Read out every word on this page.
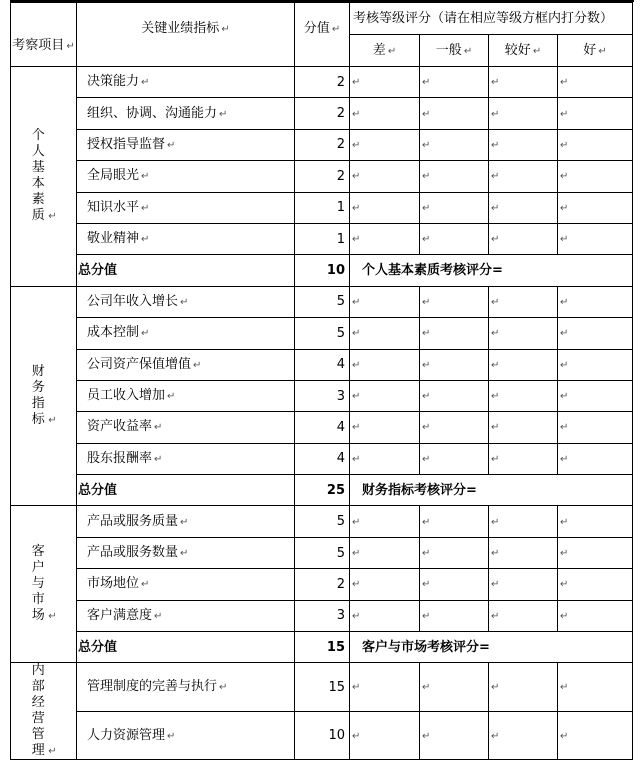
考察项目 ↵	关键业绩指标 ↵	分值 ↵	考核等级评分（请在相应等级方框内打分数）			
			差 ↵	一般 ↵	较好 ↵	好 ↵
个人基本素质 ↵	决策能力 ↵	2	↵	↵	↵	↵
	组织、协调、沟通能力 ↵	2	↵	↵	↵	↵
	授权指导监督 ↵	2	↵	↵	↵	↵
	全局眼光 ↵	2	↵	↵	↵	↵
	知识水平 ↵	1	↵	↵	↵	↵
	敬业精神 ↵	1	↵	↵	↵	↵
	总分值	10	个人基本素质考核评分=			
财务指标 ↵	公司年收入增长 ↵	5	↵	↵	↵	↵
	成本控制 ↵	5	↵	↵	↵	↵
	公司资产保值增值 ↵	4	↵	↵	↵	↵
	员工收入增加 ↵	3	↵	↵	↵	↵
	资产收益率 ↵	4	↵	↵	↵	↵
	股东报酬率 ↵	4	↵	↵	↵	↵
	总分值	25	财务指标考核评分=			
客户与市场 ↵	产品或服务质量 ↵	5	↵	↵	↵	↵
	产品或服务数量 ↵	5	↵	↵	↵	↵
	市场地位 ↵	2	↵	↵	↵	↵
	客户满意度 ↵	3	↵	↵	↵	↵
	总分值	15	客户与市场考核评分=			
内部经营管理 ↵	管理制度的完善与执行 ↵	15	↵	↵	↵	↵
	人力资源管理 ↵	10	↵	↵	↵	↵
